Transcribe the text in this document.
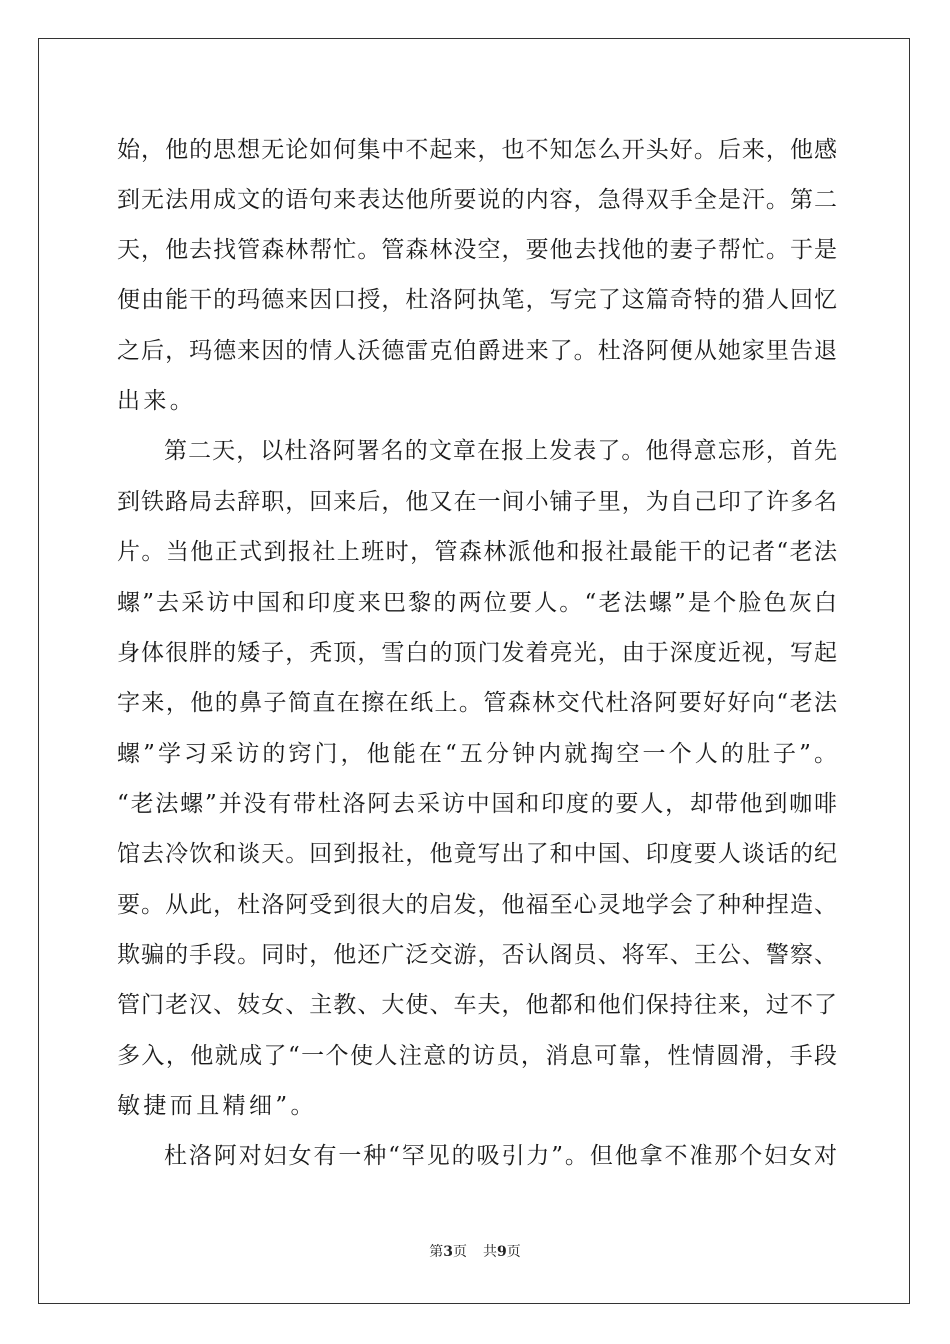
始，他的思想无论如何集中不起来，也不知怎么开头好。后来，他感
到无法用成文的语句来表达他所要说的内容，急得双手全是汗。第二
天，他去找管森林帮忙。管森林没空，要他去找他的妻子帮忙。于是
便由能干的玛德来因口授，杜洛阿执笔，写完了这篇奇特的猎人回忆
之后，玛德来因的情人沃德雷克伯爵进来了。杜洛阿便从她家里告退
出来。
第二天，以杜洛阿署名的文章在报上发表了。他得意忘形，首先
到铁路局去辞职，回来后，他又在一间小铺子里，为自己印了许多名
片。当他正式到报社上班时，管森林派他和报社最能干的记者“老法
螺”去采访中国和印度来巴黎的两位要人。“老法螺”是个脸色灰白
身体很胖的矮子，秃顶，雪白的顶门发着亮光，由于深度近视，写起
字来，他的鼻子简直在擦在纸上。管森林交代杜洛阿要好好向“老法
螺”学习采访的窍门，他能在“五分钟内就掏空一个人的肚子”。
“老法螺”并没有带杜洛阿去采访中国和印度的要人，却带他到咖啡
馆去冷饮和谈天。回到报社，他竟写出了和中国、印度要人谈话的纪
要。从此，杜洛阿受到很大的启发，他福至心灵地学会了种种捏造、
欺骗的手段。同时，他还广泛交游，否认阁员、将军、王公、警察、
管门老汉、妓女、主教、大使、车夫，他都和他们保持往来，过不了
多入，他就成了“一个使人注意的访员，消息可靠，性情圆滑，手段
敏捷而且精细”。
杜洛阿对妇女有一种“罕见的吸引力”。但他拿不准那个妇女对
第3页 共9页
